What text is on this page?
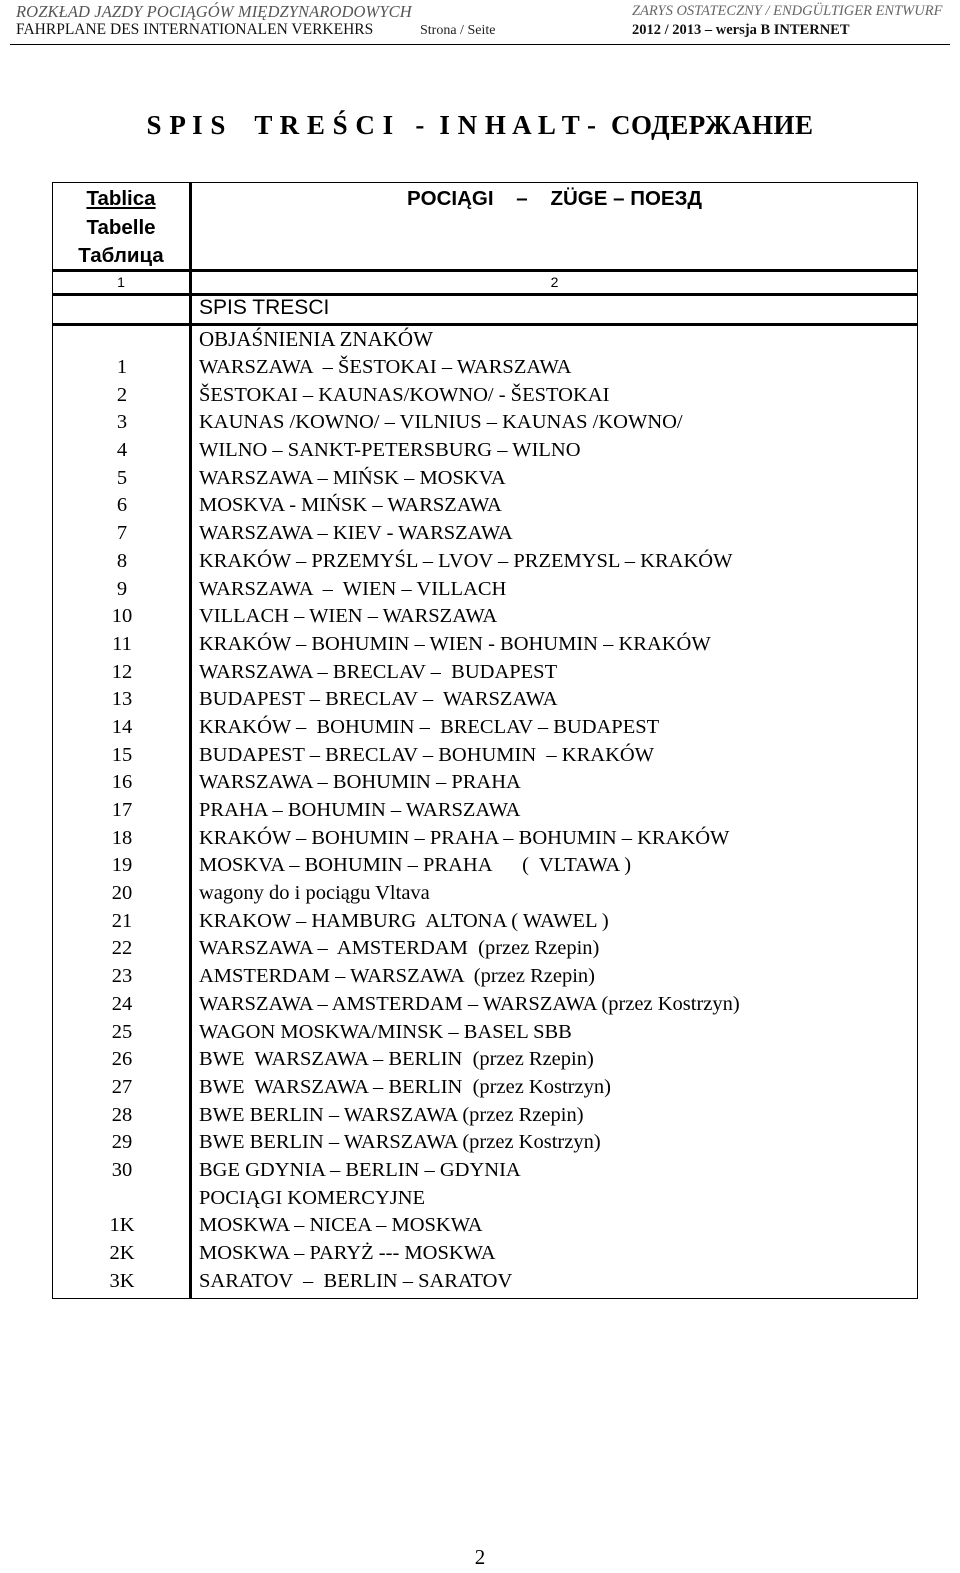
ROZKŁAD JAZDY POCIĄGÓW MIĘDZYNARODOWYCH
FAHRPLANE DES INTERNATIONALEN VERKEHRS	Strona / Seite
ZARYS OSTATECZNY / ENDGÜLTIGER ENTWURF
2012 / 2013 – wersja B INTERNET
S P I S    T R E Ś C I   -  I N H A L T -  СОДЕРЖАНИЕ
Tablica
Tabelle
Таблица
POCIĄGI    –    ZÜGE – ПОЕЗД
1	2
SPIS TRESCI
OBJAŚNIENIA ZNAKÓW
1	WARSZAWA  – ŠESTOKAI – WARSZAWA
2	ŠESTOKAI – KAUNAS/KOWNO/ - ŠESTOKAI
3	KAUNAS /KOWNO/ – VILNIUS – KAUNAS /KOWNO/
4	WILNO – SANKT-PETERSBURG – WILNO
5	WARSZAWA – MIŃSK – MOSKVA
6	MOSKVA - MIŃSK – WARSZAWA
7	WARSZAWA – KIEV - WARSZAWA
8	KRAKÓW – PRZEMYŚL – LVOV – PRZEMYSL – KRAKÓW
9	WARSZAWA  –  WIEN – VILLACH
10	VILLACH – WIEN – WARSZAWA
11	KRAKÓW – BOHUMIN – WIEN - BOHUMIN – KRAKÓW
12	WARSZAWA – BRECLAV –  BUDAPEST
13	BUDAPEST – BRECLAV –  WARSZAWA
14	KRAKÓW –  BOHUMIN –  BRECLAV – BUDAPEST
15	BUDAPEST – BRECLAV – BOHUMIN  – KRAKÓW
16	WARSZAWA – BOHUMIN – PRAHA
17	PRAHA – BOHUMIN – WARSZAWA
18	KRAKÓW – BOHUMIN – PRAHA – BOHUMIN – KRAKÓW
19	MOSKVA – BOHUMIN – PRAHA      (  VLTAWA )
20	wagony do i pociągu Vltava
21	KRAKOW – HAMBURG  ALTONA ( WAWEL )
22	WARSZAWA –  AMSTERDAM  (przez Rzepin)
23	AMSTERDAM – WARSZAWA  (przez Rzepin)
24	WARSZAWA – AMSTERDAM – WARSZAWA (przez Kostrzyn)
25	WAGON MOSKWA/MINSK – BASEL SBB
26	BWE  WARSZAWA – BERLIN  (przez Rzepin)
27	BWE  WARSZAWA – BERLIN  (przez Kostrzyn)
28	BWE BERLIN – WARSZAWA (przez Rzepin)
29	BWE BERLIN – WARSZAWA (przez Kostrzyn)
30	BGE GDYNIA – BERLIN – GDYNIA
POCIĄGI KOMERCYJNE
1K	MOSKWA – NICEA – MOSKWA
2K	MOSKWA – PARYŻ --- MOSKWA
3K	SARATOV  –  BERLIN – SARATOV
2
